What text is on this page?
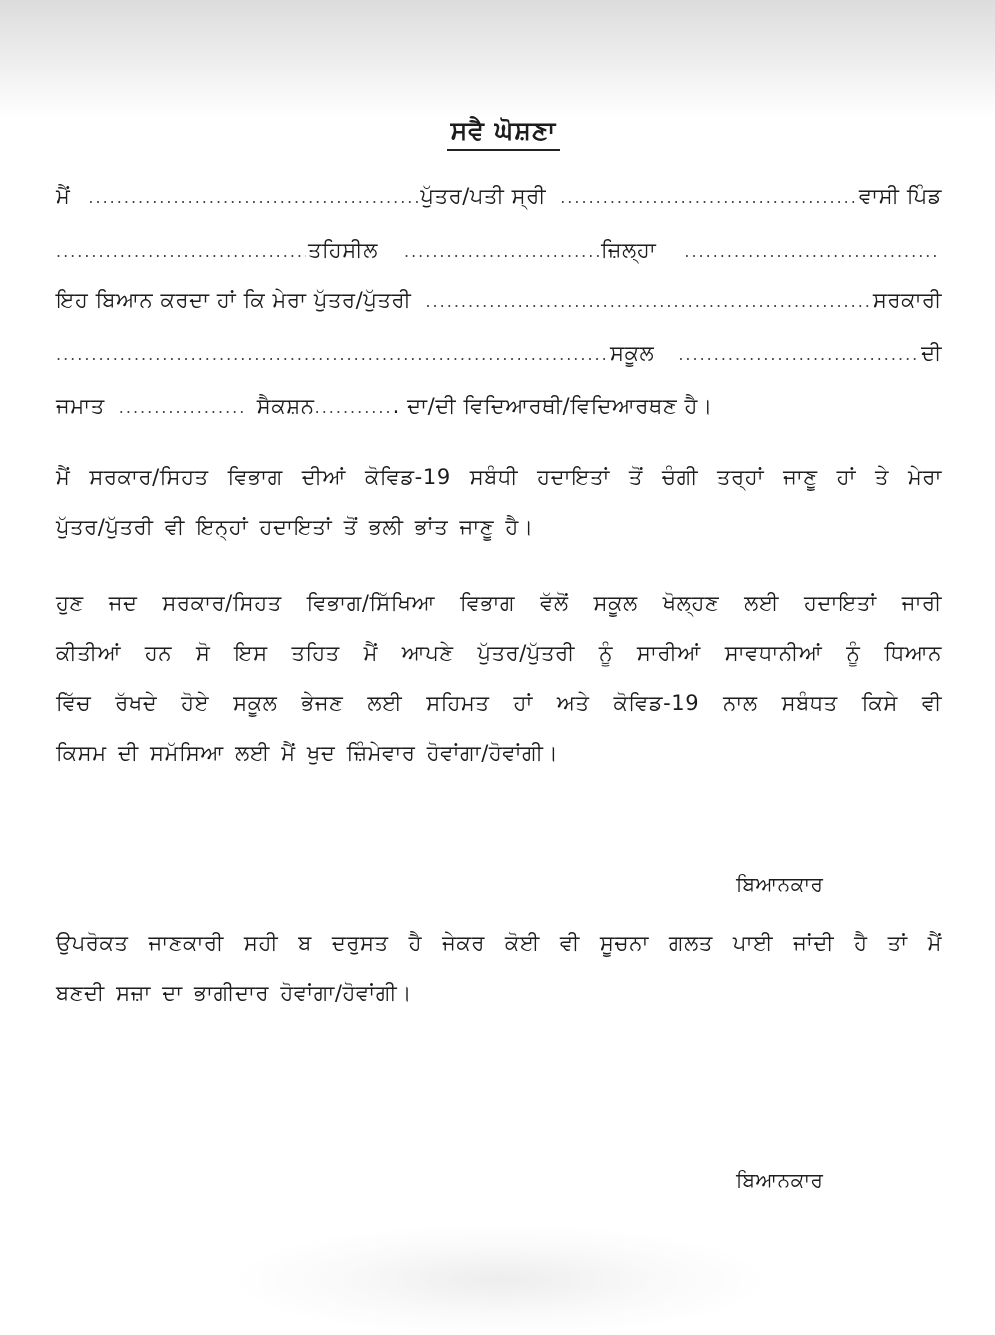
ਸਵੈ ਘੋਸ਼ਣਾ
ਮੈਂ .....	ਪੁੱਤਰ/ਪਤੀ ਸ੍ਰੀ .....	ਵਾਸੀ ਪਿੰਡ
.....
ਤਹਿਸੀਲ .....	ਜ਼ਿਲ੍ਹਾ
.....
ਇਹ ਬਿਆਨ ਕਰਦਾ ਹਾਂ ਕਿ ਮੇਰਾ ਪੁੱਤਰ/ਪੁੱਤਰੀ .....	ਸਰਕਾਰੀ
.....
ਸਕੂਲ .....	ਦੀ
ਜਮਾਤ .....	ਸੈਕਸ਼ਨ .....	. ਦਾ/ਦੀ ਵਿਦਿਆਰਥੀ/ਵਿਦਿਆਰਥਣ ਹੈ।
ਮੈਂ ਸਰਕਾਰ/ਸਿਹਤ ਵਿਭਾਗ ਦੀਆਂ ਕੋਵਿਡ-19 ਸਬੰਧੀ ਹਦਾਇਤਾਂ ਤੋਂ ਚੰਗੀ ਤਰ੍ਹਾਂ ਜਾਣੂ ਹਾਂ ਤੇ ਮੇਰਾ
ਪੁੱਤਰ/ਪੁੱਤਰੀ ਵੀ ਇਨ੍ਹਾਂ ਹਦਾਇਤਾਂ ਤੋਂ ਭਲੀ ਭਾਂਤ ਜਾਣੂ ਹੈ।
ਹੁਣ ਜਦ ਸਰਕਾਰ/ਸਿਹਤ ਵਿਭਾਗ/ਸਿੱਖਿਆ ਵਿਭਾਗ ਵੱਲੋਂ ਸਕੂਲ ਖੋਲ੍ਹਣ ਲਈ ਹਦਾਇਤਾਂ ਜਾਰੀ
ਕੀਤੀਆਂ ਹਨ ਸੋ ਇਸ ਤਹਿਤ ਮੈਂ ਆਪਣੇ ਪੁੱਤਰ/ਪੁੱਤਰੀ ਨੂੰ ਸਾਰੀਆਂ ਸਾਵਧਾਨੀਆਂ ਨੂੰ ਧਿਆਨ
ਵਿੱਚ ਰੱਖਦੇ ਹੋਏ ਸਕੂਲ ਭੇਜਣ ਲਈ ਸਹਿਮਤ ਹਾਂ ਅਤੇ ਕੋਵਿਡ-19 ਨਾਲ ਸਬੰਧਤ ਕਿਸੇ ਵੀ
ਕਿਸਮ ਦੀ ਸਮੱਸਿਆ ਲਈ ਮੈਂ ਖੁਦ ਜ਼ਿੰਮੇਵਾਰ ਹੋਵਾਂਗਾ/ਹੋਵਾਂਗੀ।
ਬਿਆਨਕਾਰ
ਉਪਰੋਕਤ ਜਾਣਕਾਰੀ ਸਹੀ ਬ ਦਰੁਸਤ ਹੈ ਜੇਕਰ ਕੋਈ ਵੀ ਸੂਚਨਾ ਗਲਤ ਪਾਈ ਜਾਂਦੀ ਹੈ ਤਾਂ ਮੈਂ
ਬਣਦੀ ਸਜ਼ਾ ਦਾ ਭਾਗੀਦਾਰ ਹੋਵਾਂਗਾ/ਹੋਵਾਂਗੀ।
ਬਿਆਨਕਾਰ
